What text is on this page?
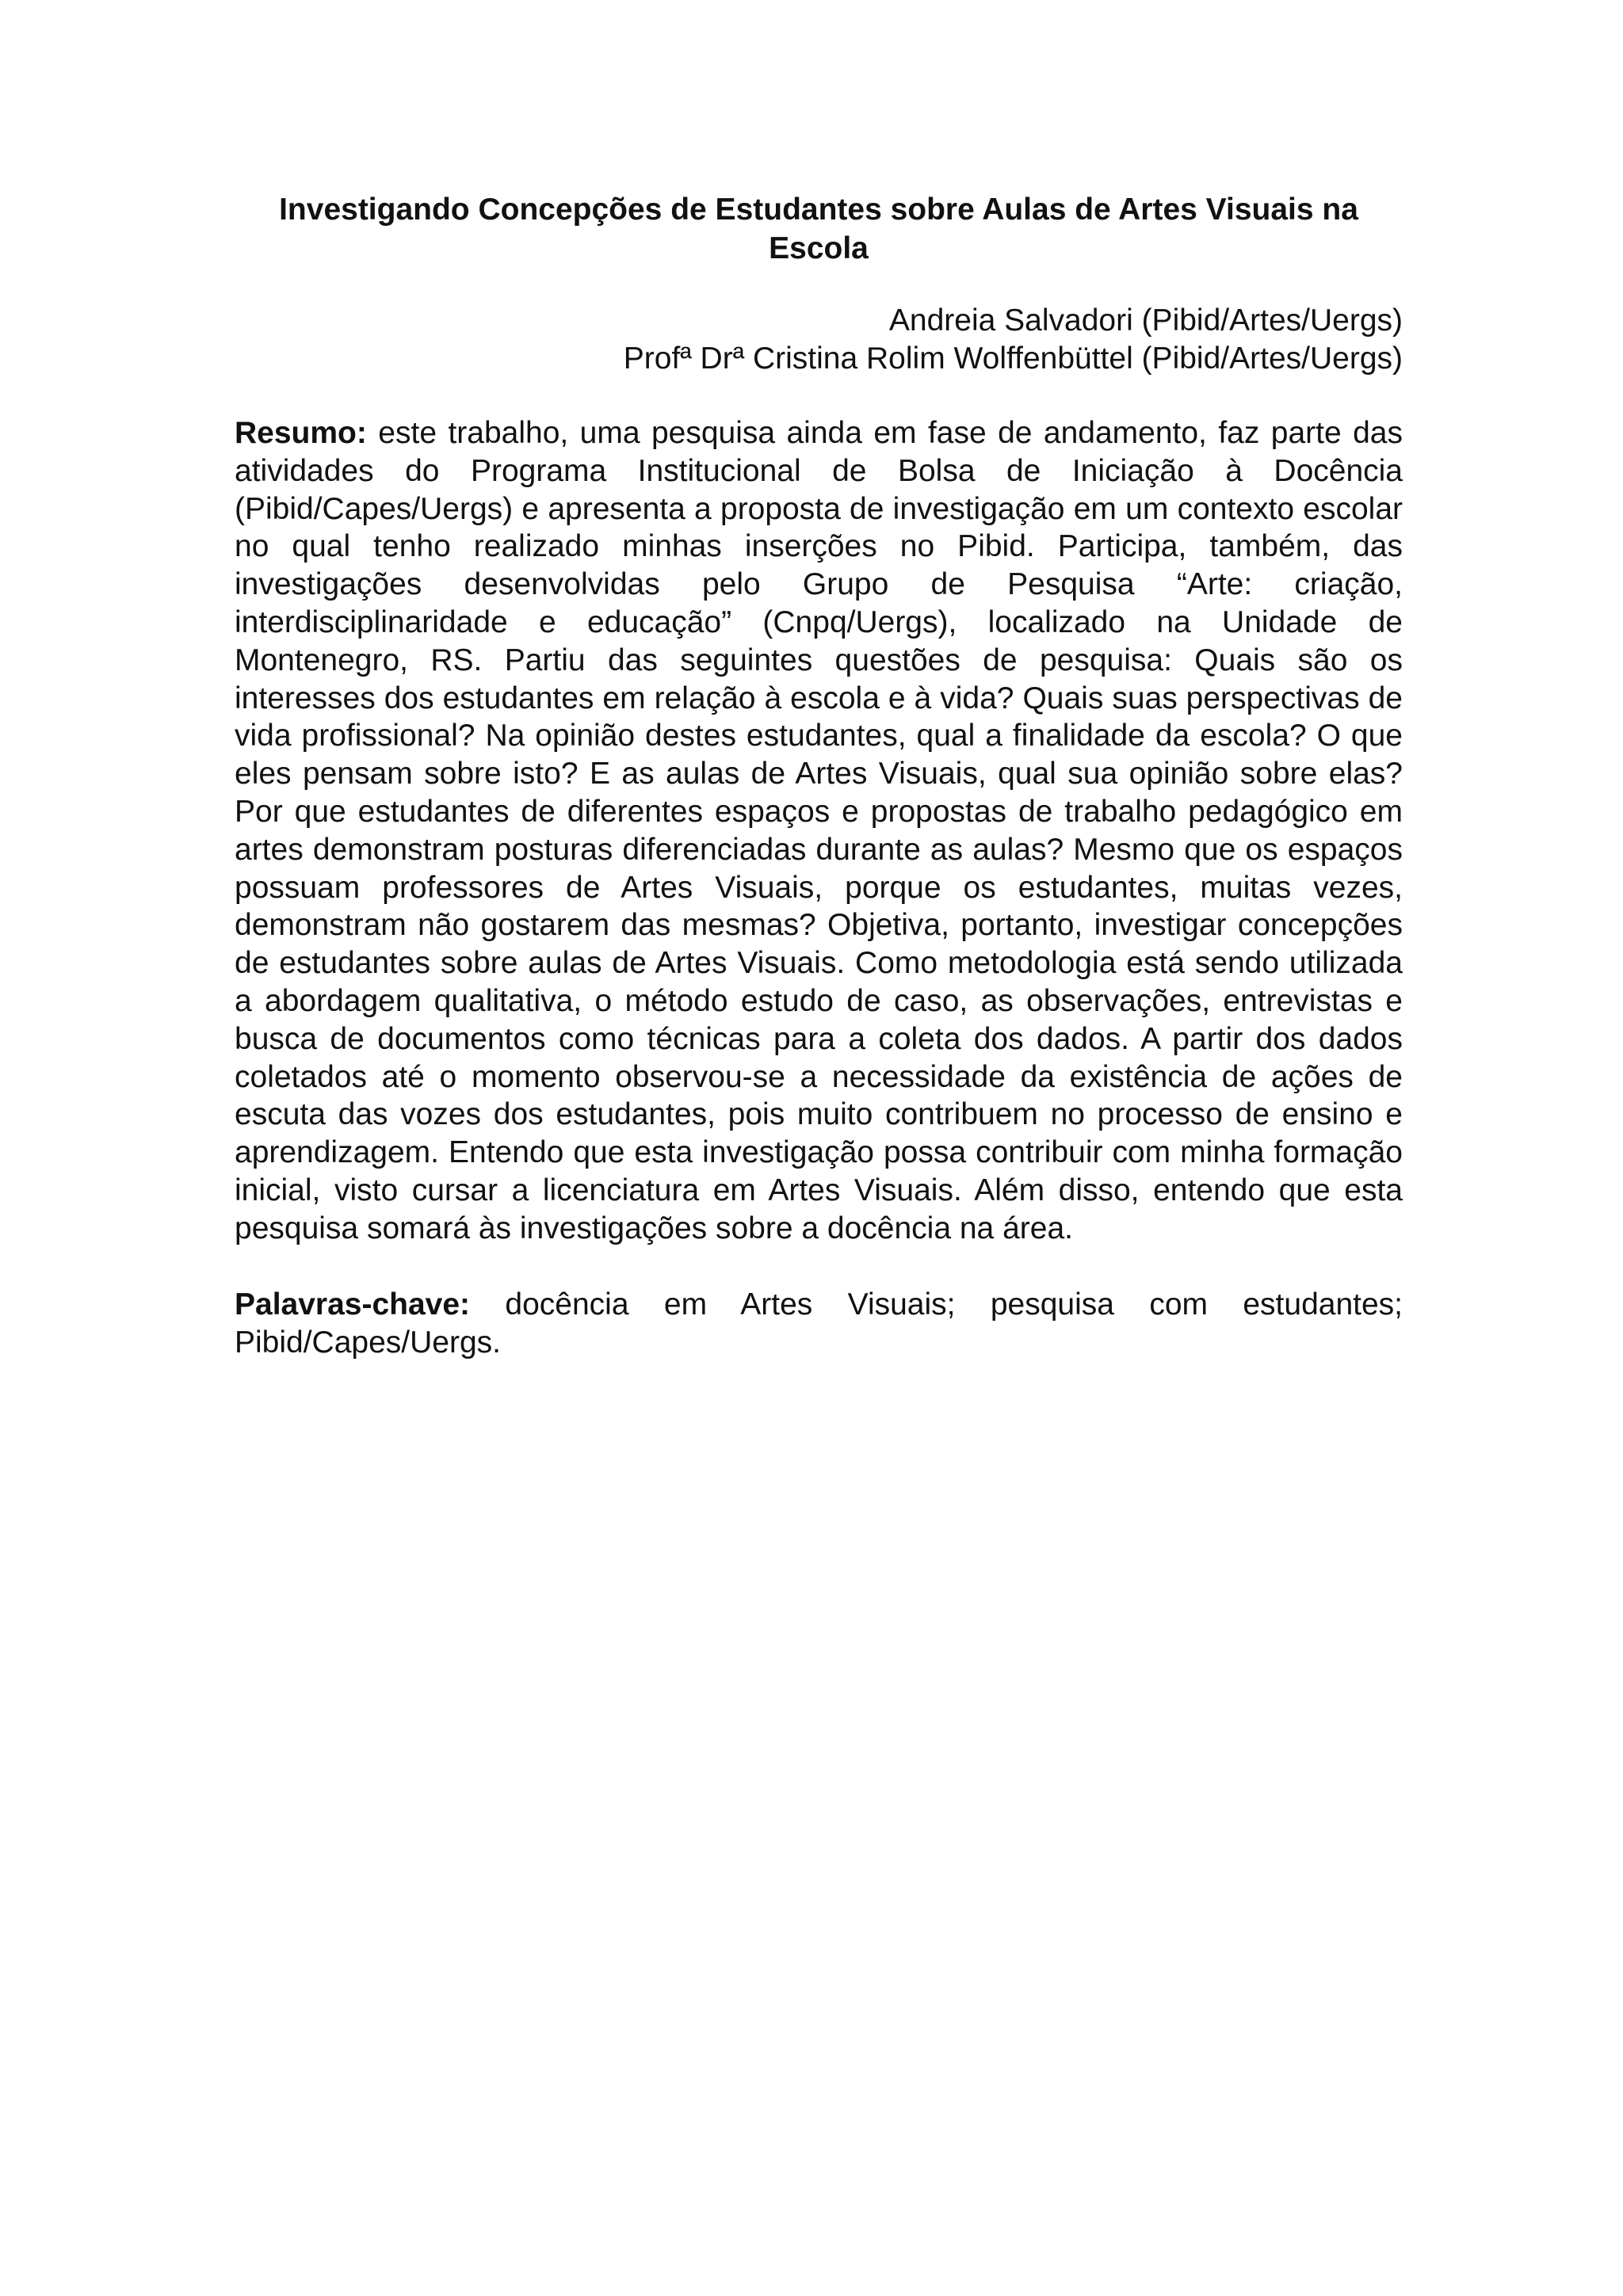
Investigando Concepções de Estudantes sobre Aulas de Artes Visuais na Escola
Andreia Salvadori (Pibid/Artes/Uergs)
Profª Drª Cristina Rolim Wolffenbüttel (Pibid/Artes/Uergs)

Resumo: este trabalho, uma pesquisa ainda em fase de andamento, faz parte das atividades do Programa Institucional de Bolsa de Iniciação à Docência (Pibid/Capes/Uergs) e apresenta a proposta de investigação em um contexto escolar no qual tenho realizado minhas inserções no Pibid. Participa, também, das investigações desenvolvidas pelo Grupo de Pesquisa “Arte: criação, interdisciplinaridade e educação” (Cnpq/Uergs), localizado na Unidade de Montenegro, RS. Partiu das seguintes questões de pesquisa: Quais são os interesses dos estudantes em relação à escola e à vida? Quais suas perspectivas de vida profissional? Na opinião destes estudantes, qual a finalidade da escola? O que eles pensam sobre isto? E as aulas de Artes Visuais, qual sua opinião sobre elas? Por que estudantes de diferentes espaços e propostas de trabalho pedagógico em artes demonstram posturas diferenciadas durante as aulas? Mesmo que os espaços possuam professores de Artes Visuais, porque os estudantes, muitas vezes, demonstram não gostarem das mesmas? Objetiva, portanto, investigar concepções de estudantes sobre aulas de Artes Visuais. Como metodologia está sendo utilizada a abordagem qualitativa, o método estudo de caso, as observações, entrevistas e busca de documentos como técnicas para a coleta dos dados. A partir dos dados coletados até o momento observou-se a necessidade da existência de ações de escuta das vozes dos estudantes, pois muito contribuem no processo de ensino e aprendizagem. Entendo que esta investigação possa contribuir com minha formação inicial, visto cursar a licenciatura em Artes Visuais. Além disso, entendo que esta pesquisa somará às investigações sobre a docência na área.

Palavras-chave: docência em Artes Visuais; pesquisa com estudantes; Pibid/Capes/Uergs.
